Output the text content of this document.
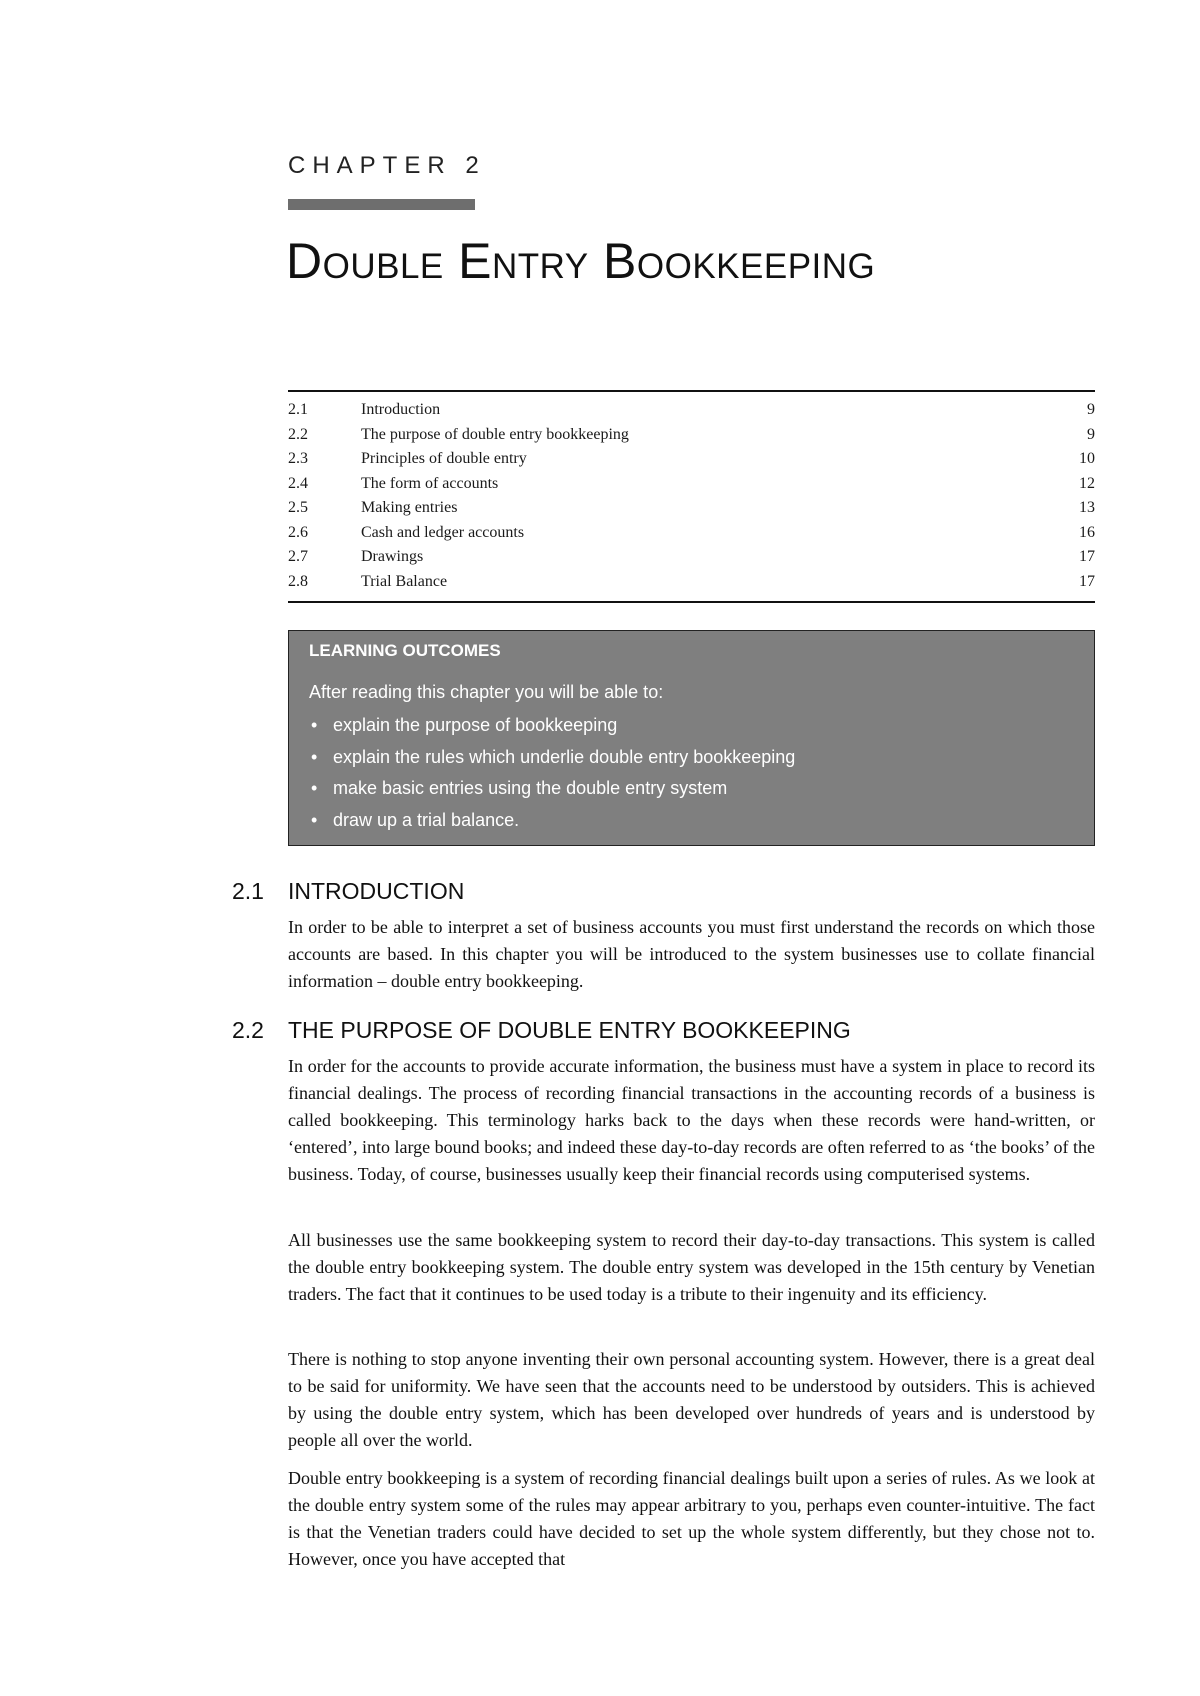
CHAPTER 2
Double Entry Bookkeeping
2.1	Introduction	9
2.2	The purpose of double entry bookkeeping	9
2.3	Principles of double entry	10
2.4	The form of accounts	12
2.5	Making entries	13
2.6	Cash and ledger accounts	16
2.7	Drawings	17
2.8	Trial Balance	17
LEARNING OUTCOMES

After reading this chapter you will be able to:

• explain the purpose of bookkeeping
• explain the rules which underlie double entry bookkeeping
• make basic entries using the double entry system
• draw up a trial balance.
2.1 INTRODUCTION

In order to be able to interpret a set of business accounts you must first understand the records on which those accounts are based. In this chapter you will be introduced to the system businesses use to collate financial information – double entry bookkeeping.

2.2 THE PURPOSE OF DOUBLE ENTRY BOOKKEEPING

In order for the accounts to provide accurate information, the business must have a system in place to record its financial dealings. The process of recording financial transactions in the accounting records of a business is called bookkeeping. This terminology harks back to the days when these records were hand-written, or ‘entered’, into large bound books; and indeed these day-to-day records are often referred to as ‘the books’ of the business. Today, of course, businesses usually keep their financial records using computerised systems.

All businesses use the same bookkeeping system to record their day-to-day transactions. This system is called the double entry bookkeeping system. The double entry system was developed in the 15th century by Venetian traders. The fact that it continues to be used today is a tribute to their ingenuity and its efficiency.

There is nothing to stop anyone inventing their own personal accounting system. However, there is a great deal to be said for uniformity. We have seen that the accounts need to be understood by outsiders. This is achieved by using the double entry system, which has been developed over hundreds of years and is understood by people all over the world.

Double entry bookkeeping is a system of recording financial dealings built upon a series of rules. As we look at the double entry system some of the rules may appear arbitrary to you, perhaps even counter-intuitive. The fact is that the Venetian traders could have decided to set up the whole system differently, but they chose not to. However, once you have accepted that
